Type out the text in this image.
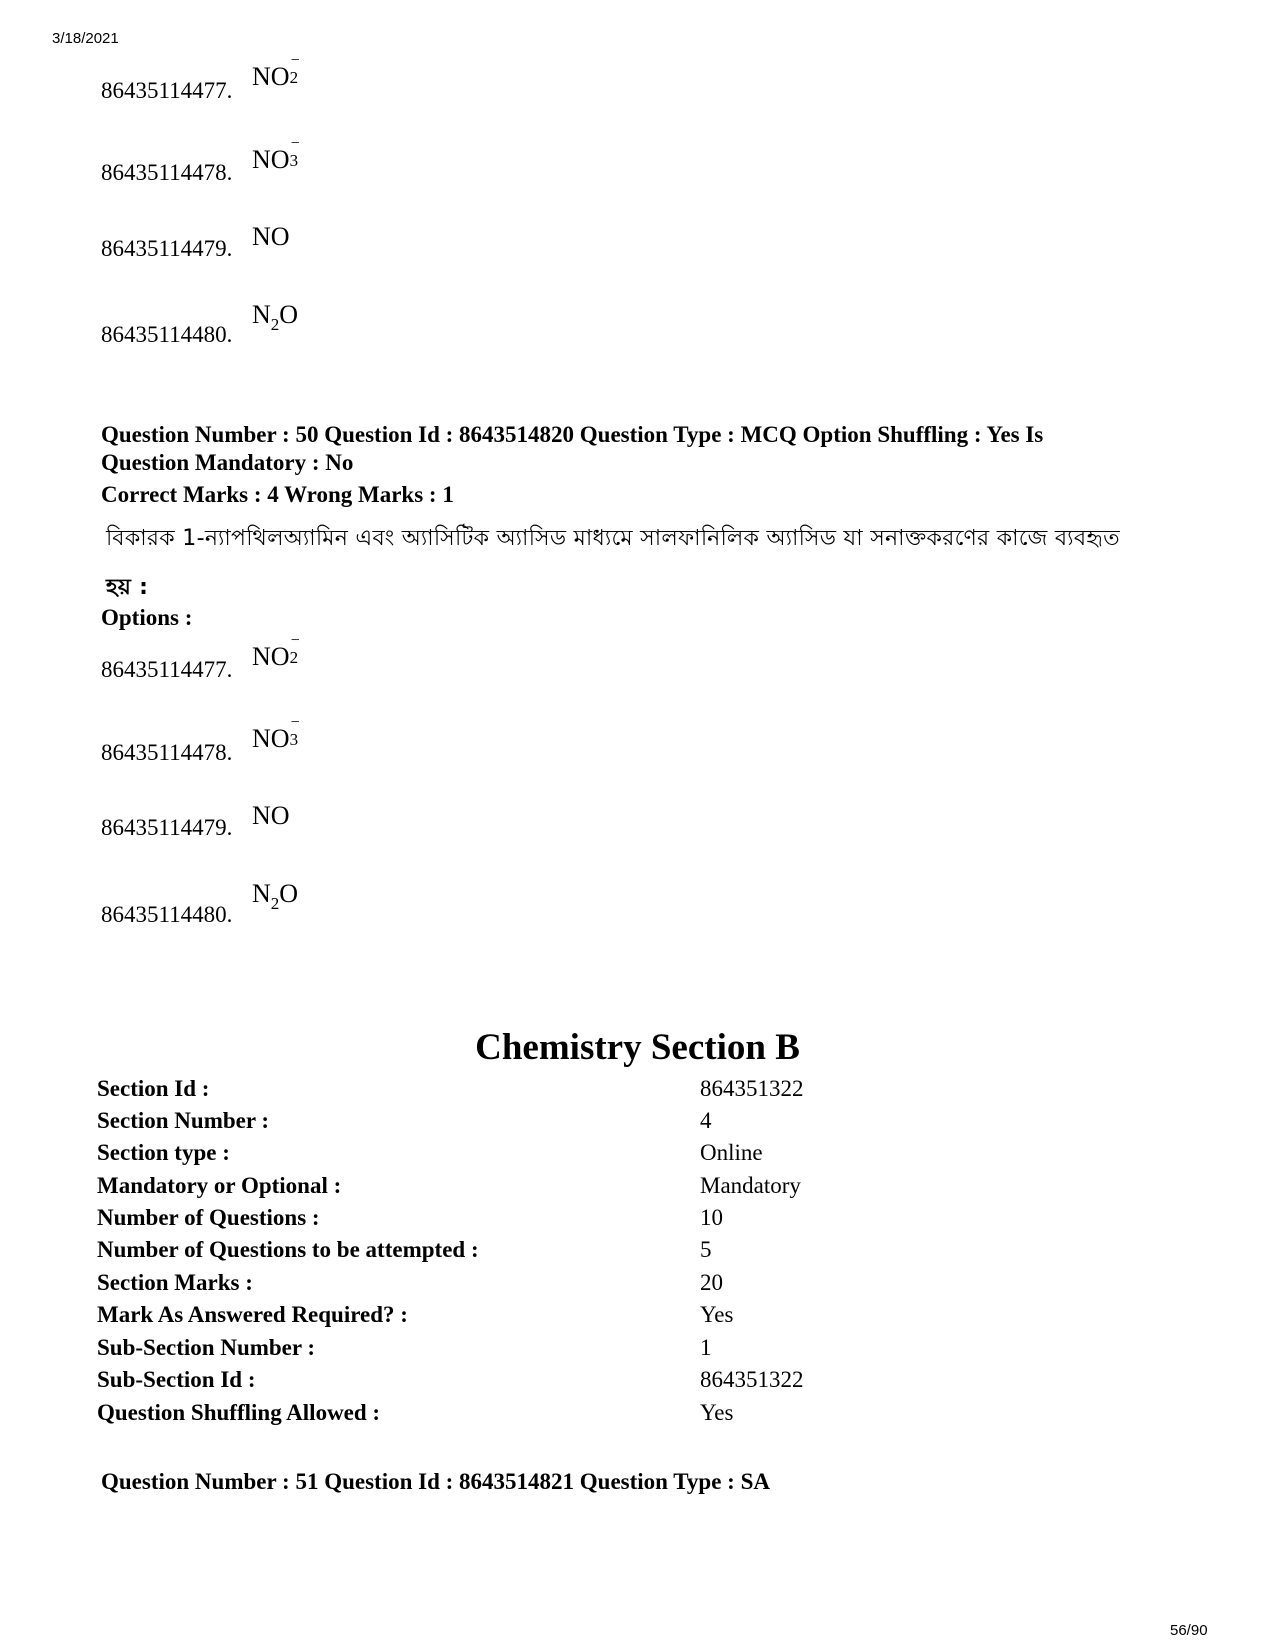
3/18/2021
86435114477. NO
−
2
86435114478. NO
−
3
86435114479. NO
86435114480.
$N_2O$
Question Number : 50 Question Id : 8643514820 Question Type : MCQ Option Shuffling : Yes Is
Question Mandatory : No
Correct Marks : 4 Wrong Marks : 1
বিকারক 1-ন্যাপথিলঅ্যামিন এবং অ্যাসিটিক অ্যাসিড মাধ্যমে সালফানিলিক অ্যাসিড যা সনাক্তকরণের কাজে ব্যবহৃত
হয় :
Options :
86435114477. NO
−
2
86435114478. NO
−
3
86435114479. NO
86435114480.
$N_2O$
Chemistry Section B
Section Id :	864351322
Section Number :	4
Section type :	Online
Mandatory or Optional :	Mandatory
Number of Questions :	10
Number of Questions to be attempted :	5
Section Marks :	20
Mark As Answered Required? :	Yes
Sub-Section Number :	1
Sub-Section Id :	864351322
Question Shuffling Allowed :	Yes
Question Number : 51 Question Id : 8643514821 Question Type : SA
56/90
